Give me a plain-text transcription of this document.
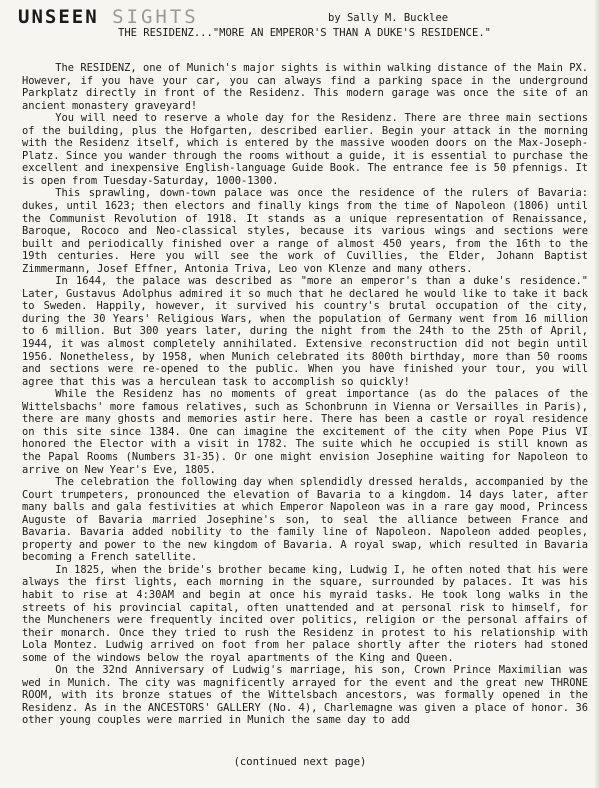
UNSEEN SIGHTS	by Sally M. Bucklee
THE RESIDENZ..."MORE AN EMPEROR'S THAN A DUKE'S RESIDENCE."

The RESIDENZ, one of Munich's major sights is within walking distance of the Main PX. However, if you have your car, you can always find a parking space in the underground Parkplatz directly in front of the Residenz. This modern garage was once the site of an ancient monastery graveyard!

You will need to reserve a whole day for the Residenz. There are three main sections of the building, plus the Hofgarten, described earlier. Begin your attack in the morning with the Residenz itself, which is entered by the massive wooden doors on the Max-Joseph-Platz. Since you wander through the rooms without a guide, it is essential to purchase the excellent and inexpensive English-language Guide Book. The entrance fee is 50 pfennigs. It is open from Tuesday-Saturday, 1000-1300.

This sprawling, down-town palace was once the residence of the rulers of Bavaria: dukes, until 1623; then electors and finally kings from the time of Napoleon (1806) until the Communist Revolution of 1918. It stands as a unique representation of Renaissance, Baroque, Rococo and Neo-classical styles, because its various wings and sections were built and periodically finished over a range of almost 450 years, from the 16th to the 19th centuries. Here you will see the work of Cuvillies, the Elder, Johann Baptist Zimmermann, Josef Effner, Antonia Triva, Leo von Klenze and many others.

In 1644, the palace was described as "more an emperor's than a duke's residence." Later, Gustavus Adolphus admired it so much that he declared he would like to take it back to Sweden. Happily, however, it survived his country's brutal occupation of the city, during the 30 Years' Religious Wars, when the population of Germany went from 16 million to 6 million. But 300 years later, during the night from the 24th to the 25th of April, 1944, it was almost completely annihilated. Extensive reconstruction did not begin until 1956. Nonetheless, by 1958, when Munich celebrated its 800th birthday, more than 50 rooms and sections were re-opened to the public. When you have finished your tour, you will agree that this was a herculean task to accomplish so quickly!

While the Residenz has no moments of great importance (as do the palaces of the Wittelsbachs' more famous relatives, such as Schonbrunn in Vienna or Versailles in Paris), there are many ghosts and memories astir here. There has been a castle or royal residence on this site since 1384. One can imagine the excitement of the city when Pope Pius VI honored the Elector with a visit in 1782. The suite which he occupied is still known as the Papal Rooms (Numbers 31-35). Or one might envision Josephine waiting for Napoleon to arrive on New Year's Eve, 1805.

The celebration the following day when splendidly dressed heralds, accompanied by the Court trumpeters, pronounced the elevation of Bavaria to a kingdom. 14 days later, after many balls and gala festivities at which Emperor Napoleon was in a rare gay mood, Princess Auguste of Bavaria married Josephine's son, to seal the alliance between France and Bavaria. Bavaria added nobility to the family line of Napoleon. Napoleon added peoples, property and power to the new kingdom of Bavaria. A royal swap, which resulted in Bavaria becoming a French satellite.

In 1825, when the bride's brother became king, Ludwig I, he often noted that his were always the first lights, each morning in the square, surrounded by palaces. It was his habit to rise at 4:30AM and begin at once his myraid tasks. He took long walks in the streets of his provincial capital, often unattended and at personal risk to himself, for the Muncheners were frequently incited over politics, religion or the personal affairs of their monarch. Once they tried to rush the Residenz in protest to his relationship with Lola Montez. Ludwig arrived on foot from her palace shortly after the rioters had stoned some of the windows below the royal apartments of the King and Queen.

On the 32nd Anniversary of Ludwig's marriage, his son, Crown Prince Maximilian was wed in Munich. The city was magnificently arrayed for the event and the great new THRONE ROOM, with its bronze statues of the Wittelsbach ancestors, was formally opened in the Residenz. As in the ANCESTORS' GALLERY (No. 4), Charlemagne was given a place of honor. 36 other young couples were married in Munich the same day to add

(continued next page)
